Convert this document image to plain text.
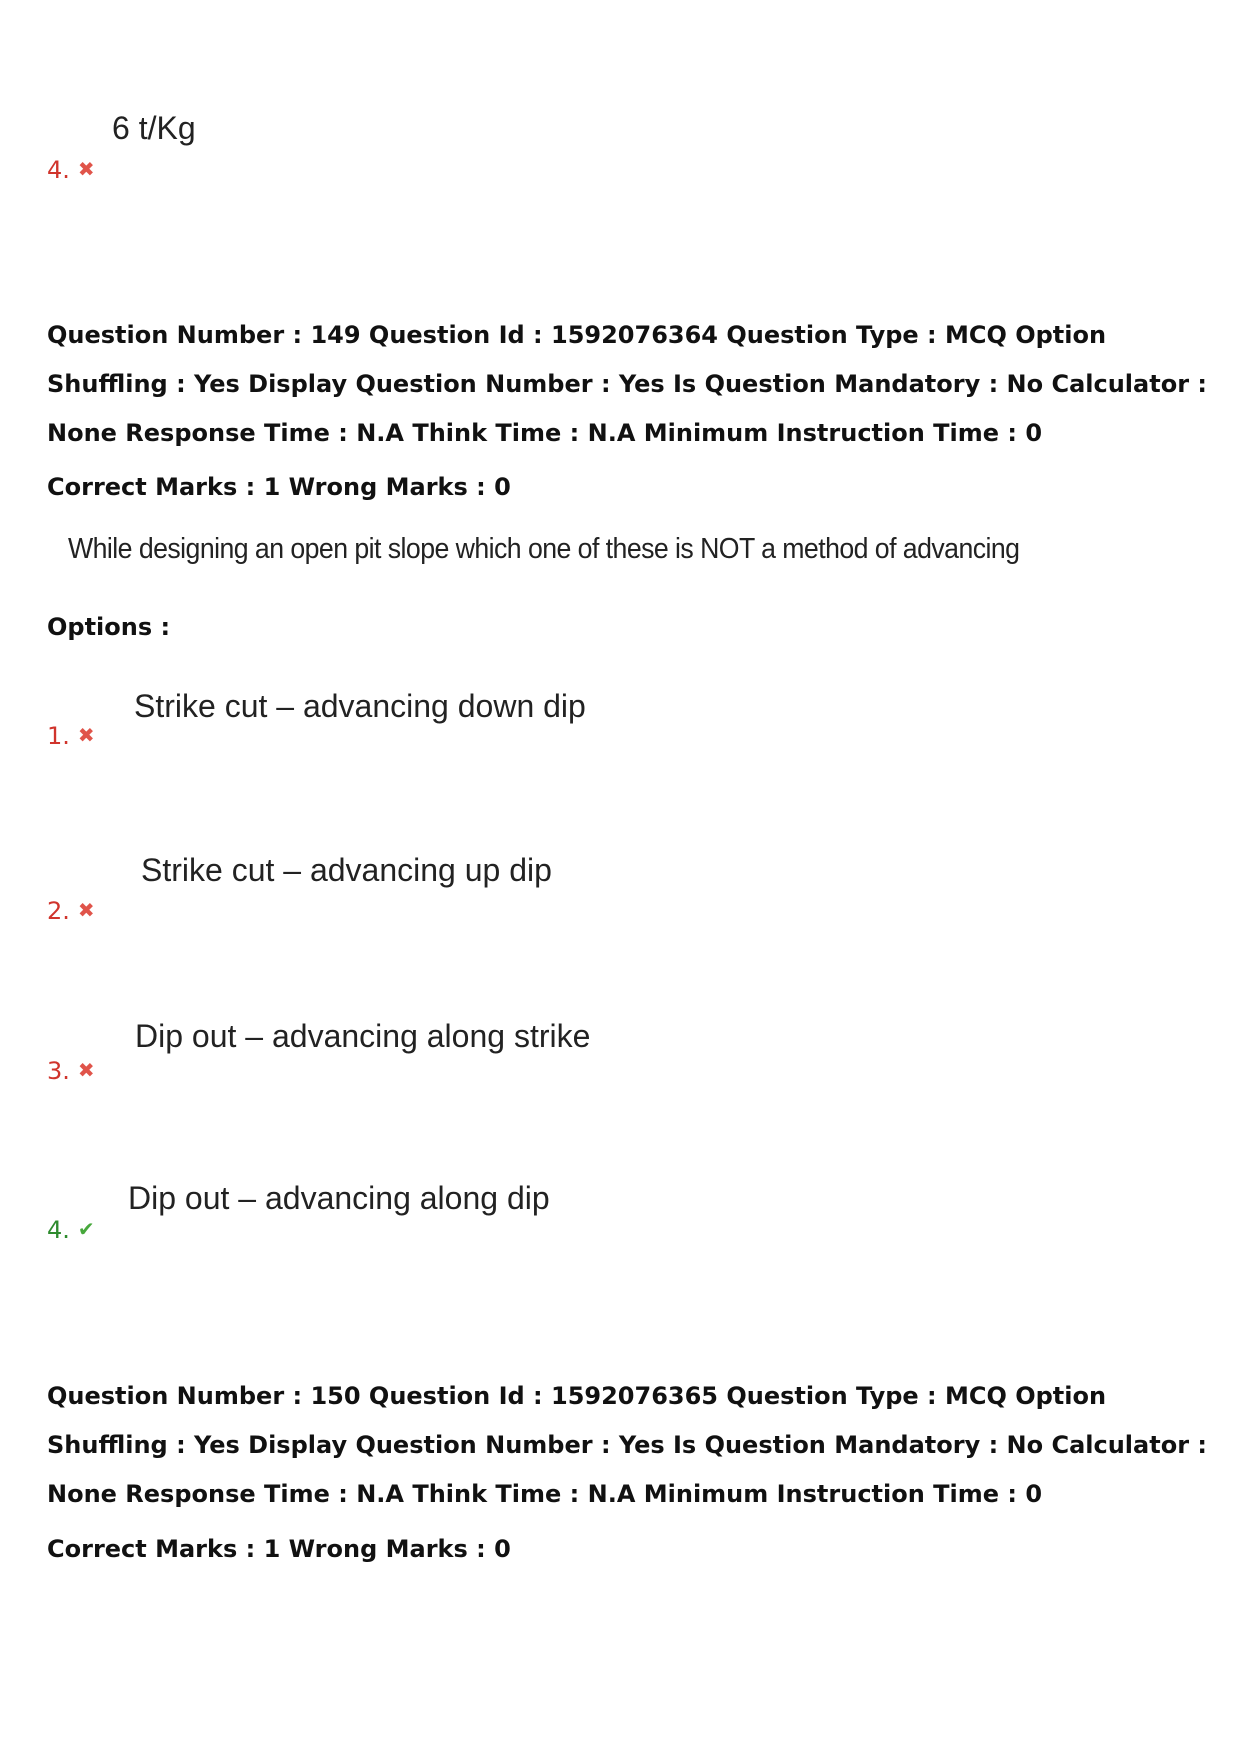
6 t/Kg
4. ✖
Question Number : 149 Question Id : 1592076364 Question Type : MCQ Option Shuffling : Yes Display Question Number : Yes Is Question Mandatory : No Calculator : None Response Time : N.A Think Time : N.A Minimum Instruction Time : 0
Correct Marks : 1 Wrong Marks : 0
While designing an open pit slope which one of these is NOT a method of advancing
Options :
Strike cut – advancing down dip
1. ✖
Strike cut – advancing up dip
2. ✖
Dip out – advancing along strike
3. ✖
Dip out – advancing along dip
4. ✔
Question Number : 150 Question Id : 1592076365 Question Type : MCQ Option Shuffling : Yes Display Question Number : Yes Is Question Mandatory : No Calculator : None Response Time : N.A Think Time : N.A Minimum Instruction Time : 0
Correct Marks : 1 Wrong Marks : 0
